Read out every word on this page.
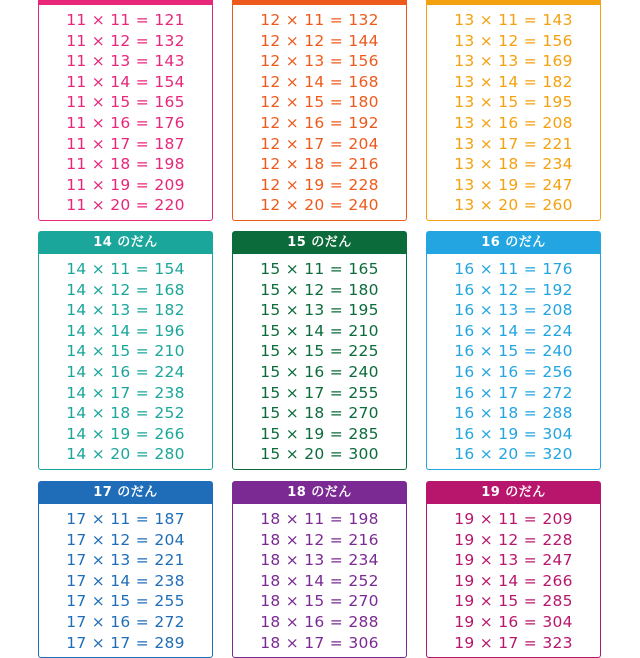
11 × 11 = 121
11 × 12 = 132
11 × 13 = 143
11 × 14 = 154
11 × 15 = 165
11 × 16 = 176
11 × 17 = 187
11 × 18 = 198
11 × 19 = 209
11 × 20 = 220
12 × 11 = 132
12 × 12 = 144
12 × 13 = 156
12 × 14 = 168
12 × 15 = 180
12 × 16 = 192
12 × 17 = 204
12 × 18 = 216
12 × 19 = 228
12 × 20 = 240
13 × 11 = 143
13 × 12 = 156
13 × 13 = 169
13 × 14 = 182
13 × 15 = 195
13 × 16 = 208
13 × 17 = 221
13 × 18 = 234
13 × 19 = 247
13 × 20 = 260
14 のだん
14 × 11 = 154
14 × 12 = 168
14 × 13 = 182
14 × 14 = 196
14 × 15 = 210
14 × 16 = 224
14 × 17 = 238
14 × 18 = 252
14 × 19 = 266
14 × 20 = 280
15 のだん
15 × 11 = 165
15 × 12 = 180
15 × 13 = 195
15 × 14 = 210
15 × 15 = 225
15 × 16 = 240
15 × 17 = 255
15 × 18 = 270
15 × 19 = 285
15 × 20 = 300
16 のだん
16 × 11 = 176
16 × 12 = 192
16 × 13 = 208
16 × 14 = 224
16 × 15 = 240
16 × 16 = 256
16 × 17 = 272
16 × 18 = 288
16 × 19 = 304
16 × 20 = 320
17 のだん
17 × 11 = 187
17 × 12 = 204
17 × 13 = 221
17 × 14 = 238
17 × 15 = 255
17 × 16 = 272
17 × 17 = 289
18 のだん
18 × 11 = 198
18 × 12 = 216
18 × 13 = 234
18 × 14 = 252
18 × 15 = 270
18 × 16 = 288
18 × 17 = 306
19 のだん
19 × 11 = 209
19 × 12 = 228
19 × 13 = 247
19 × 14 = 266
19 × 15 = 285
19 × 16 = 304
19 × 17 = 323
